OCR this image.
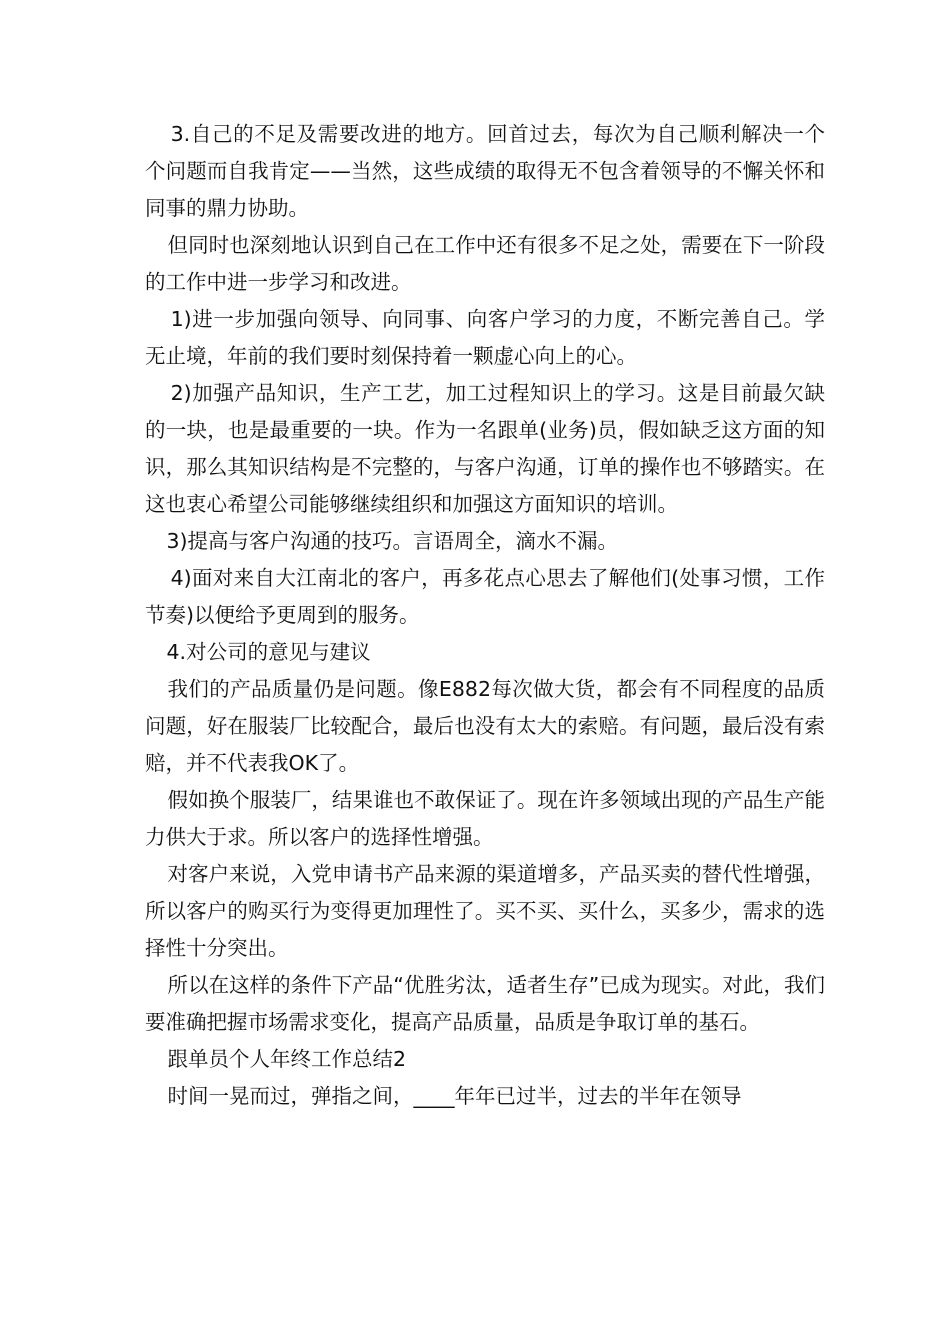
3.自己的不足及需要改进的地方。回首过去，每次为自己顺利解决一个个问题而自我肯定——当然，这些成绩的取得无不包含着领导的不懈关怀和同事的鼎力协助。

但同时也深刻地认识到自己在工作中还有很多不足之处，需要在下一阶段的工作中进一步学习和改进。

1)进一步加强向领导、向同事、向客户学习的力度，不断完善自己。学无止境，年前的我们要时刻保持着一颗虚心向上的心。

2)加强产品知识，生产工艺，加工过程知识上的学习。这是目前最欠缺的一块，也是最重要的一块。作为一名跟单(业务)员，假如缺乏这方面的知识，那么其知识结构是不完整的，与客户沟通，订单的操作也不够踏实。在这也衷心希望公司能够继续组织和加强这方面知识的培训。

3)提高与客户沟通的技巧。言语周全，滴水不漏。

4)面对来自大江南北的客户，再多花点心思去了解他们(处事习惯，工作节奏)以便给予更周到的服务。

4.对公司的意见与建议

我们的产品质量仍是问题。像E882每次做大货，都会有不同程度的品质问题，好在服装厂比较配合，最后也没有太大的索赔。有问题，最后没有索赔，并不代表我OK了。

假如换个服装厂，结果谁也不敢保证了。现在许多领域出现的产品生产能力供大于求。所以客户的选择性增强。

对客户来说，入党申请书产品来源的渠道增多，产品买卖的替代性增强，所以客户的购买行为变得更加理性了。买不买、买什么，买多少，需求的选择性十分突出。

所以在这样的条件下产品“优胜劣汰，适者生存”已成为现实。对此，我们要准确把握市场需求变化，提高产品质量，品质是争取订单的基石。

跟单员个人年终工作总结2

时间一晃而过，弹指之间，____年年已过半，过去的半年在领导
